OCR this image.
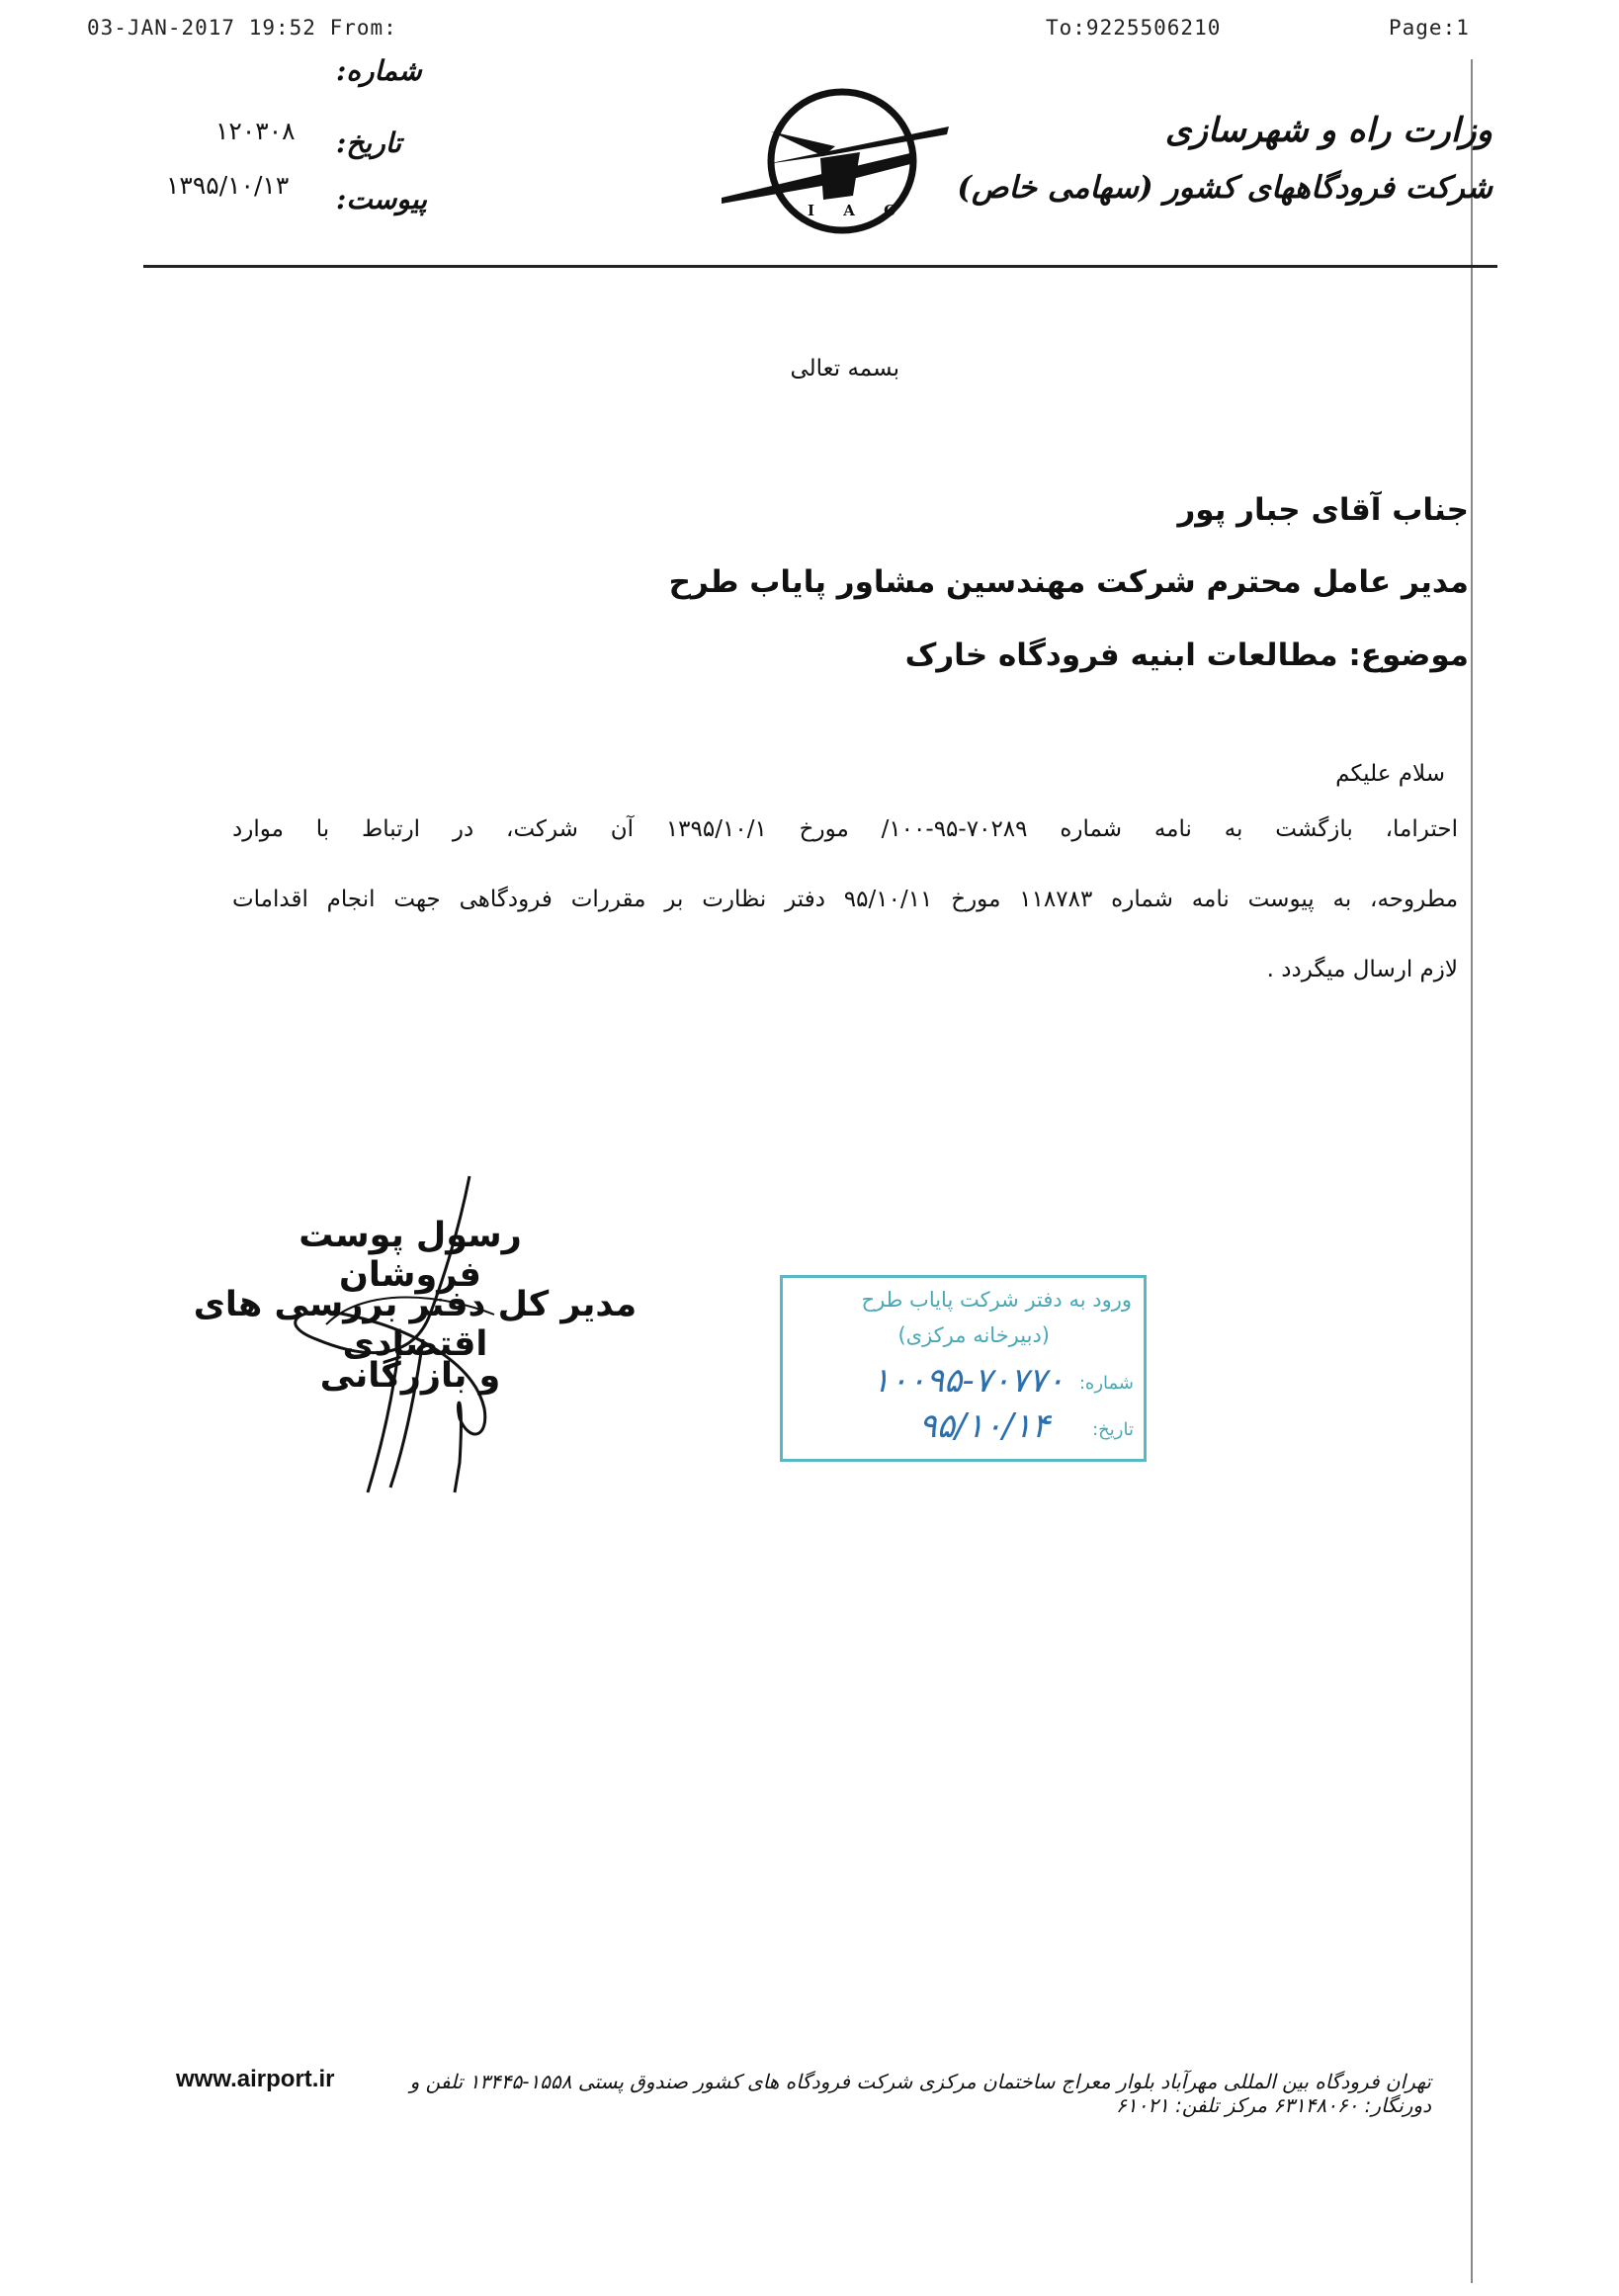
03-JAN-2017 19:52 From:	To:9225506210	Page:1
وزارت راه و شهرسازی
شرکت فرودگاههای کشور (سهامی خاص)
I A C
شماره:
تاریخ:
پیوست:
۱۲۰۳۰۸
۱۳۹۵/۱۰/۱۳
بسمه تعالی
جناب آقای جبار پور
مدیر عامل محترم شرکت مهندسین مشاور پایاب طرح
موضوع: مطالعات ابنیه فرودگاه خارک
سلام علیکم
احتراما، بازگشت به نامه شماره ۷۰۲۸۹-۹۵-۱۰۰/ مورخ ۱۳۹۵/۱۰/۱ آن شرکت، در ارتباط با موارد
مطروحه، به پیوست نامه شماره ۱۱۸۷۸۳ مورخ ۹۵/۱۰/۱۱ دفتر نظارت بر مقررات فرودگاهی جهت انجام اقدامات
لازم ارسال میگردد .
رسول پوست فروشان
مدیر کل دفتر بررسی های اقتصادی
و بازرگانی
ورود به دفتر شرکت پایاب طرح
(دبیرخانه مرکزی)
شماره:
۱۰۰۹۵-۷۰۷۷۰
تاریخ:
۹۵/۱۰/۱۴
تهران فرودگاه بین المللی مهرآباد بلوار معراج ساختمان مرکزی شرکت فرودگاه های کشور صندوق پستی ۱۵۵۸-۱۳۴۴۵ تلفن و دورنگار: ۶۳۱۴۸۰۶۰ مرکز تلفن: ۶۱۰۲۱
www.airport.ir
